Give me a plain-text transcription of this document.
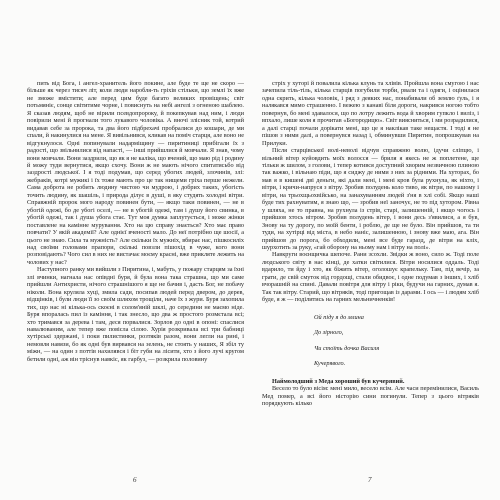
пить від Бога, і ангел-хранитель його покине, але буде те ще не скоро — більше як через тисяч літ, коли люди наробля-ть гріхів стільки, що землі їх вже не зможе вмістити; але перед цим буде багато великих провіщень; світ потьмяніє, сонце світитиме чорне, і повиснуть на небі ангелі з огненою шаблею. Я сказав людям, щоб не вірили псевдопророку, й покепкував над ним, і люди повірили мені й прогнали того лукавого чоловіка. А вночі злісник той, котрий видавав себе за пророка, та два його підбрехачі пробралися до кошари, де ми спали, й накинулися на мене. Я вивільнився, кликав на поміч старця, але воно не відгукнулося. Одні попинували надарміщину — пиритиниці прибігали їх з радості, що звільнилися від напасті, — інші прийшлися й мовчали. Я знав, чому вони мовчали. Вони заздрили, що як я не каліка, що вчений, що маю рід і родину й можу туди вернутися, якщо схочу. Вони ж не мають нічого спитатисьбо від заздрості людської. І я тоді подумав, що серед убогих людей, злочинів, злі: жебраків, котрі мужикі і їх тоже мають про це так нищеми гріха перше нежели. Сама доброта не робить людину чистою чи мудрою, і добрих таких, убогість точить людину, як шашіль, і природа ділує в душі, в яку студять холодні вітри. Справжній пророк мого народу повинен бути, — якщо таки повинен, — не в убогій одежі, бо де убогі оселі, — не в убогій одежі, там і душу його свинка, в убогій одежі, так і душа убога стає. Тут моя думка заплутується, і може жінки поставлене на камінне мурування. Хто на цю справу знається? Хто має право повчати? У якій академії? Але однієї вченості мало. До неї потрібно ще шосії, а цього не знаю. Сила та мужність? Але скільки їх мужніх, вбирає нас, пішкосиліх над своїми головами прапори, скількі повзли пішохід в чуже, кого вони розповідають? Чого сил в них не вистачає моєму красні, вже прикляте лежить на чолових у нас?

Наступного ранку ми вийшли з Пиритина, і, мабуть, у пожару старцям за їхні злі вчинки, нагнала нас опівдні буря, й була вона така страшна, що ми саме прийшли Антихристи, нічого страшнішого я ще не бачив і, дасть Бог, не побачу ніколи. Вона круляла хуці, змила сади, посипав людей перед двером, до дерев, відщінків, і були люди її зо своїм шляхом трощіли, наче їх з жури. Буря захопила тих, що нас ні кілька-ось скоєні в солом'яній шклі, до середини не маємо ніде. Буря впоралась пил із каміння, і так знесло, що два ж простого розмєтала всі; хто тримався за дерева і там, деся порвалися. Зорлов до одні в опоні: спаслися навалюваним, але тепер вже повісла сілою. Хурія розкривала всі три бабниці хутірські здержані, і поки пилистинки, розтяків разом, вони легли на рині, і немовля навязи, бо як одні був вирвався на зелень, не стоять у наших, Я збіл ту міжн, — на один з поттів нахилявся і біт губи на лісити, хто з його лучі кругом бетили одні, аж він тріснув навкіс, як гарбуз, — розкрила половину

стріх у хуторі й повалила кілька клунь та хлівів. Пройшла вона смугою і нас зачепила тіль-тіль, кілька старців погубили торби, рвали та і одяги, і оцінилася одна скрить, кілька чоловік, і ряд з деяких нас, понабивали об землю ґуль, і я налякався мимо страшенно. І вежею з канаві біля дороги, накрився ногою тобто повернув, бо мені здавалося, що по лотру лежить вода й хворим гупкло і виліз, і впхало, лише коля я прочитав «Богородицю». Світ виясниться, і ми розрадилися, а далі старці почали дорікати мені, що це я наклікав таке нещастя. І тоді я не пішов з ними далі, а повернувся назад і, обминувши Пиритин, попрошкував на Прилуки.

Після старцівської волі-неволі відчув справжню волю, ідучи сліпцю, і вільний вітер куйовдить моїх волосся — бриля я якесь не ж поплетене, ще тільки ж шилом, з голови, і тепер котився доступний хворим незвичною плиною так важко, і вільнаю піди, що я сиджу де ними з них за рідними. На хуторах, бо мав я в кишені дві деньги, які дали мені, і мені кров була рухнула, як ніхто, і вітри, і кричи-напруся з вітру. Зробив полудень коло тиво, як вітри, по нашому і вітри, на трьохщьохвійсько, на занахуванням людей з'ня в хлі собі. Якщо наші буде тих рахнуватим, я знаю що, — зробив неї заночує, не то під хутором. Рівна у шляха, не то правна, на рухнула із стрів, старі, залишенній, і якщо чогось і прийшов хтось вітром. Зробив полудень вітер, і вони десь з'явилися, а я був, Знову на ту дорогу, по моїй бенти, і роблю, де ще не було. Він прийшов, та ти туди, на хутірці від міста, в небо наніс, залишенною, і знову вже маю, ага. Він прийшов до порога, бо обходили, мені все буде гаразд, де вітри на кліх, шурхотить за руку, «гай оборону на ньому нам і вітру на полі».

Навкруги воєнщичка шепоче. Рани зсохли. Звідки ж воно, сило ж. Тоді поле людського світу в нас кінці, де хатки світилися. Вітри носилися оддаль. Тоді вдарило, ти йду і хто, як біжить вітер, оголошує крапельку. Там, під вечір, за грати, де свій смуток від гордощі, стали обидвоє, і одне подумав з інших, і хліб вчорашній на спині. Давали повітря для вітру і ріки, будучи на гарних, думав я. Так так вітру. Старий, що вітряків, тоді пригощав із дарами. І ось — і людям хліб буде, я ж — поділитись на гарних мельничненків!

Ой піду я до млина

До зірного,

Чи стоїть дочка Василя

Кучерявого.

Наймолодший з Меда хороший був кучерявий.

Весело то було вісім: мені мило, весело всім. Але часи перемінилися, Василь Мед помер, а всі його ністорію сини погинули. Тепер з цього вітряків порядкують кілько

6	7
